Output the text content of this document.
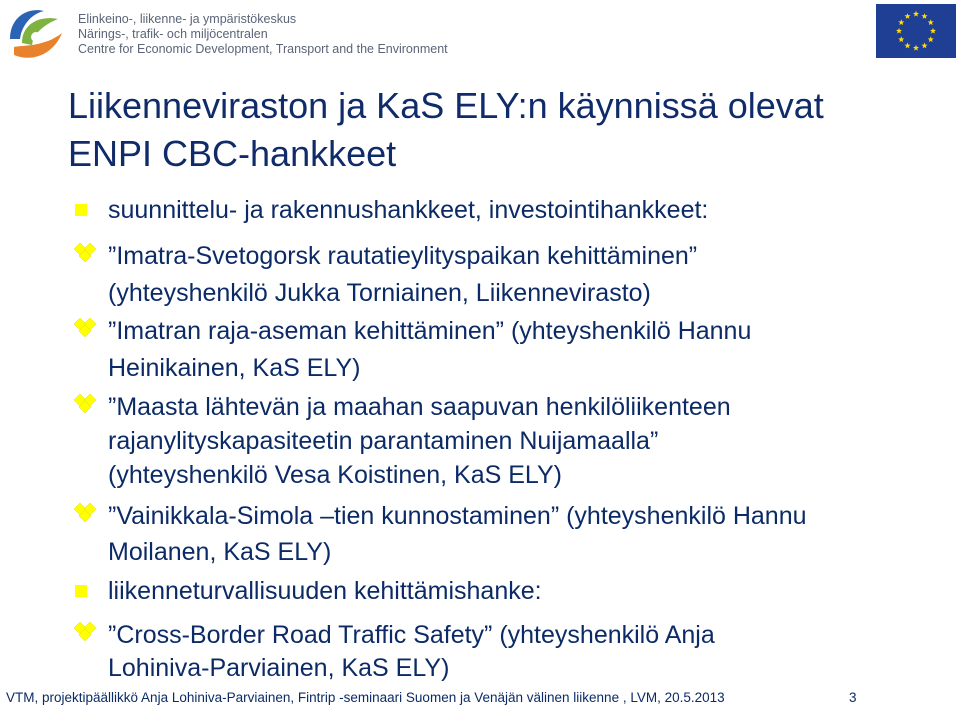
Elinkeino-, liikenne- ja ympäristökeskus
Närings-, trafik- och miljöcentralen
Centre for Economic Development, Transport and the Environment
Liikenneviraston ja KaS ELY:n käynnissä olevat
ENPI CBC-hankkeet
suunnittelu- ja rakennushankkeet, investointihankkeet:
”Imatra-Svetogorsk rautatieylityspaikan kehittäminen”
(yhteyshenkilö Jukka Torniainen, Liikennevirasto)
”Imatran raja-aseman kehittäminen” (yhteyshenkilö Hannu
Heinikainen, KaS ELY)
”Maasta lähtevän ja maahan saapuvan henkilöliikenteen
rajanylityskapasiteetin parantaminen Nuijamaalla”
(yhteyshenkilö Vesa Koistinen, KaS ELY)
”Vainikkala-Simola –tien kunnostaminen” (yhteyshenkilö Hannu
Moilanen, KaS ELY)
liikenneturvallisuuden kehittämishanke:
”Cross-Border Road Traffic Safety” (yhteyshenkilö Anja
Lohiniva-Parviainen, KaS ELY)
VTM, projektipäällikkö Anja Lohiniva-Parviainen, Fintrip -seminaari Suomen ja Venäjän välinen liikenne , LVM, 20.5.2013	3
